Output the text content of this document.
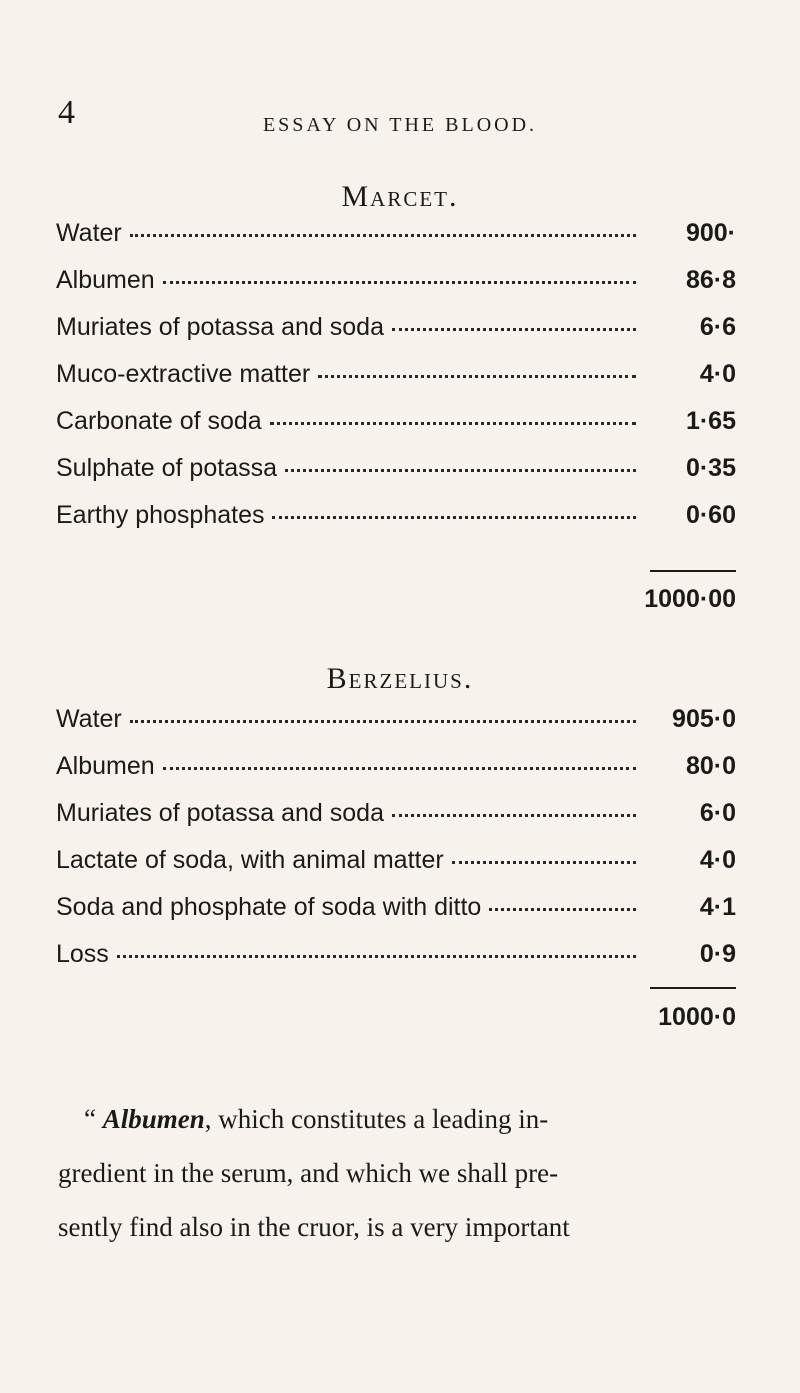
4	ESSAY ON THE BLOOD.
Marcet.
Water	900·
Albumen	86·8
Muriates of potassa and soda	6·6
Muco-extractive matter	4·0
Carbonate of soda	1·65
Sulphate of potassa	0·35
Earthy phosphates	0·60
1000·00
Berzelius.
Water	905·0
Albumen	80·0
Muriates of potassa and soda	6·0
Lactate of soda, with animal matter	4·0
Soda and phosphate of soda with ditto	4·1
Loss	0·9
1000·0
“ Albumen, which constitutes a leading in-
gredient in the serum, and which we shall pre-
sently find also in the cruor, is a very important
